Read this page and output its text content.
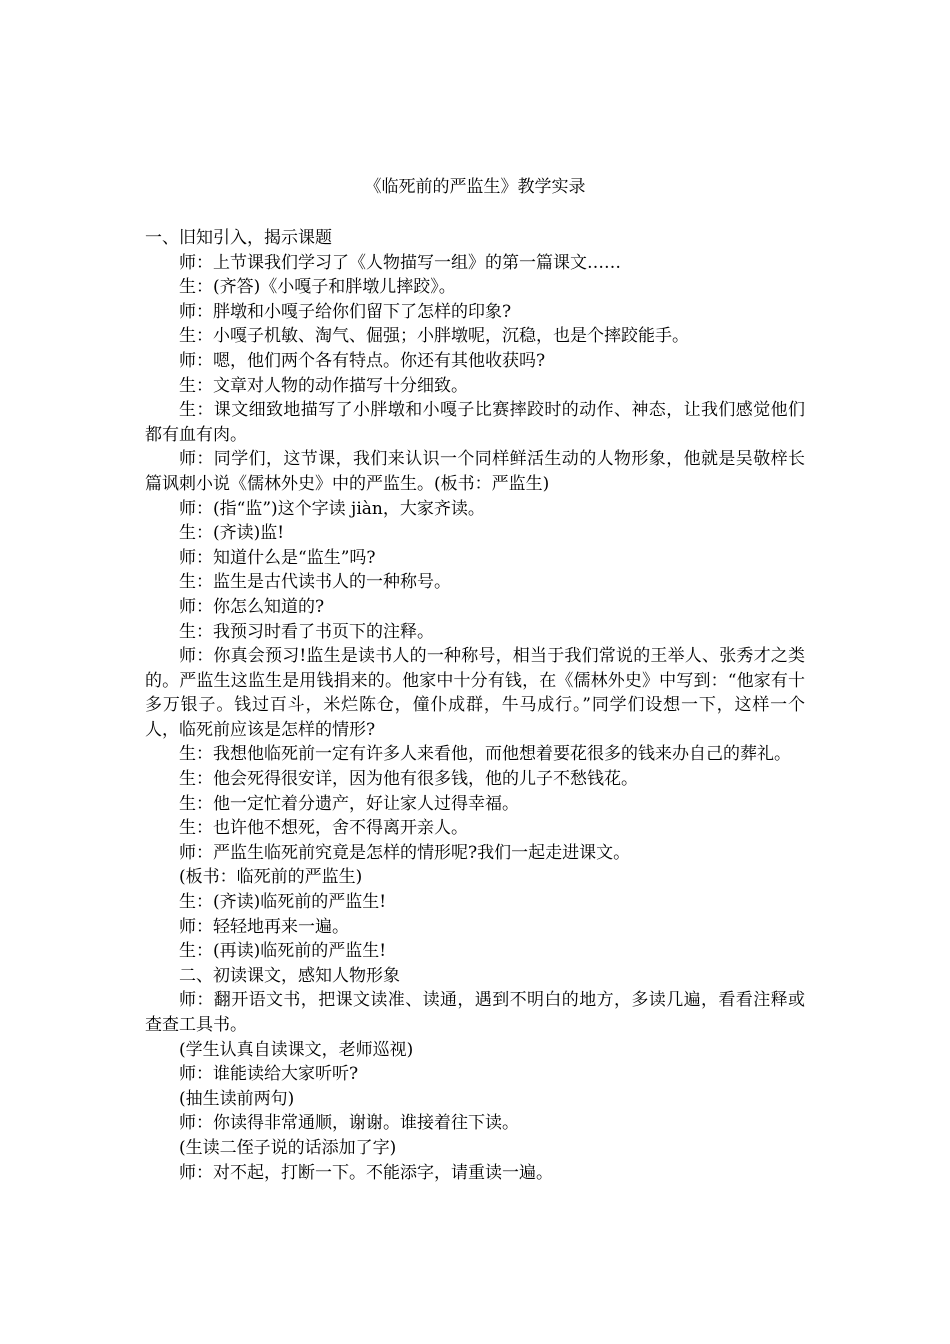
《临死前的严监生》教学实录

一、旧知引入，揭示课题

师：上节课我们学习了《人物描写一组》的第一篇课文……

生：(齐答)《小嘎子和胖墩儿摔跤》。

师：胖墩和小嘎子给你们留下了怎样的印象?

生：小嘎子机敏、淘气、倔强；小胖墩呢，沉稳，也是个摔跤能手。

师：嗯，他们两个各有特点。你还有其他收获吗?

生：文章对人物的动作描写十分细致。

生：课文细致地描写了小胖墩和小嘎子比赛摔跤时的动作、神态，让我们感觉他们都有血有肉。

师：同学们，这节课，我们来认识一个同样鲜活生动的人物形象，他就是吴敬梓长篇讽刺小说《儒林外史》中的严监生。(板书：严监生)

师：(指“监”)这个字读 jiàn，大家齐读。

生：(齐读)监!

师：知道什么是“监生”吗?

生：监生是古代读书人的一种称号。

师：你怎么知道的?

生：我预习时看了书页下的注释。

师：你真会预习!监生是读书人的一种称号，相当于我们常说的王举人、张秀才之类的。严监生这监生是用钱捐来的。他家中十分有钱，在《儒林外史》中写到：“他家有十多万银子。钱过百斗，米烂陈仓，僮仆成群，牛马成行。”同学们设想一下，这样一个人，临死前应该是怎样的情形?

生：我想他临死前一定有许多人来看他，而他想着要花很多的钱来办自己的葬礼。

生：他会死得很安详，因为他有很多钱，他的儿子不愁钱花。

生：他一定忙着分遗产，好让家人过得幸福。

生：也许他不想死，舍不得离开亲人。

师：严监生临死前究竟是怎样的情形呢?我们一起走进课文。

(板书：临死前的严监生)

生：(齐读)临死前的严监生!

师：轻轻地再来一遍。

生：(再读)临死前的严监生!

二、初读课文，感知人物形象

师：翻开语文书，把课文读准、读通，遇到不明白的地方，多读几遍，看看注释或查查工具书。

(学生认真自读课文，老师巡视)

师：谁能读给大家听听?

(抽生读前两句)

师：你读得非常通顺，谢谢。谁接着往下读。

(生读二侄子说的话添加了字)

师：对不起，打断一下。不能添字，请重读一遍。
